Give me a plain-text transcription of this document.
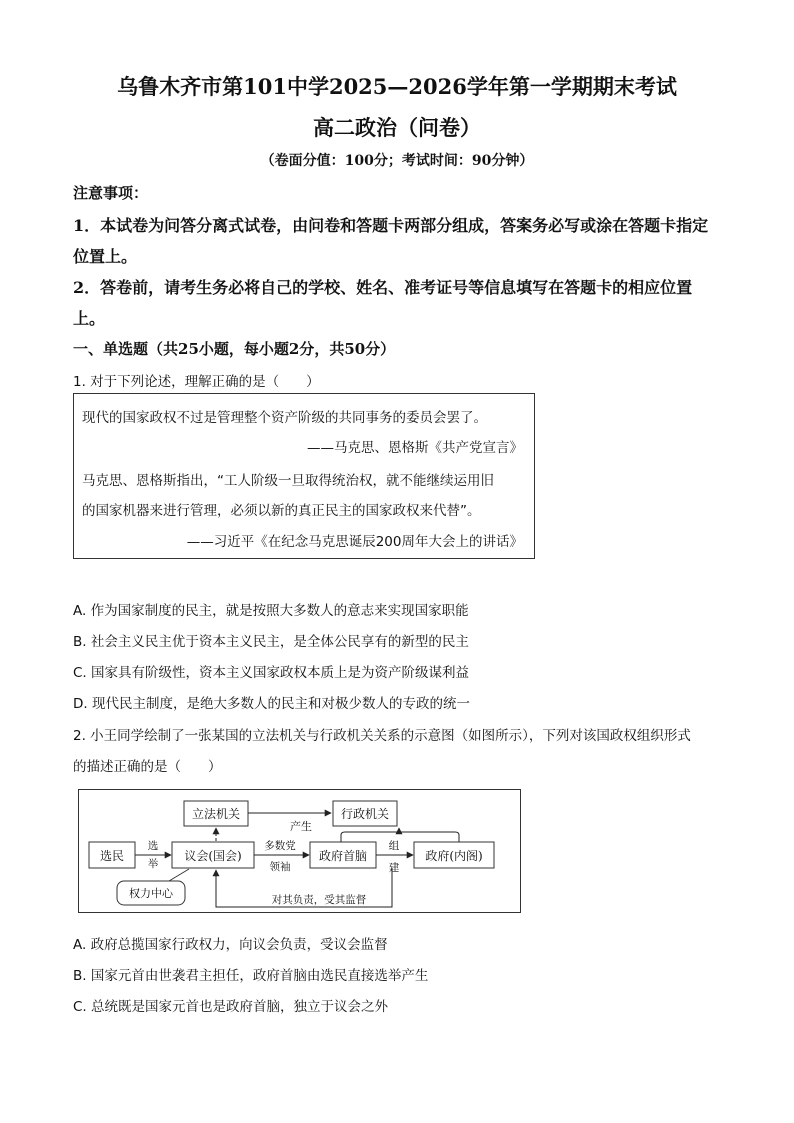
乌鲁木齐市第101中学2025—2026学年第一学期期末考试
高二政治（问卷）
（卷面分值：100分；考试时间：90分钟）
注意事项：
1．本试卷为问答分离式试卷，由问卷和答题卡两部分组成，答案务必写或涂在答题卡指定
位置上。
2．答卷前，请考生务必将自己的学校、姓名、准考证号等信息填写在答题卡的相应位置
上。
一、单选题（共25小题，每小题2分，共50分）
1. 对于下列论述，理解正确的是（　　）
现代的国家政权不过是管理整个资产阶级的共同事务的委员会罢了。
——马克思、恩格斯《共产党宣言》
马克思、恩格斯指出，“工人阶级一旦取得统治权，就不能继续运用旧
的国家机器来进行管理，必须以新的真正民主的国家政权来代替”。
——习近平《在纪念马克思诞辰200周年大会上的讲话》
A. 作为国家制度的民主，就是按照大多数人的意志来实现国家职能
B. 社会主义民主优于资本主义民主，是全体公民享有的新型的民主
C. 国家具有阶级性，资本主义国家政权本质上是为资产阶级谋利益
D. 现代民主制度，是绝大多数人的民主和对极少数人的专政的统一
2. 小王同学绘制了一张某国的立法机关与行政机关关系的示意图（如图所示），下列对该国政权组织形式
的描述正确的是（　　）
立法机关	行政机关
产生
选民
选
举
议会(国会)
多数党
领袖
政府首脑
组
建
政府(内阁)
对其负责，受其监督
权力中心
A. 政府总揽国家行政权力，向议会负责，受议会监督
B. 国家元首由世袭君主担任，政府首脑由选民直接选举产生
C. 总统既是国家元首也是政府首脑，独立于议会之外
